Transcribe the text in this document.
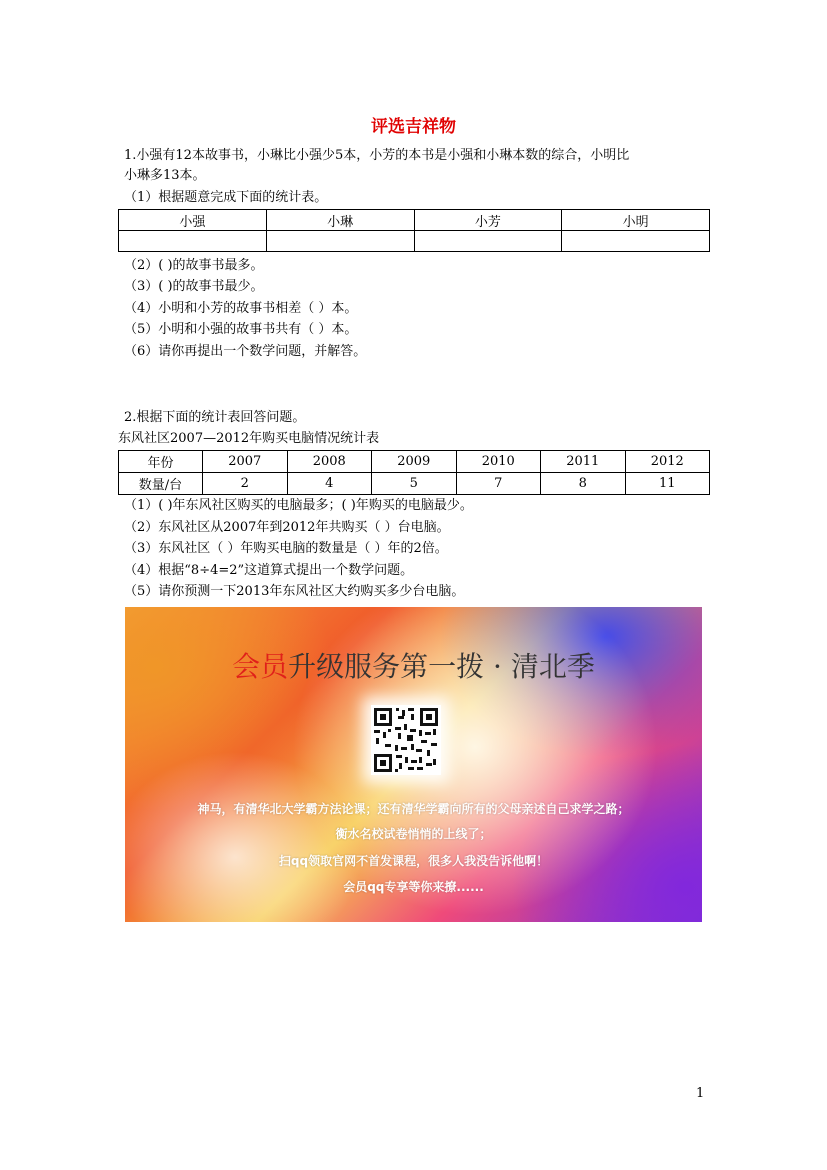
评选吉祥物
1.小强有12本故事书，小琳比小强少5本，小芳的本书是小强和小琳本数的综合，小明比
小琳多13本。
（1）根据题意完成下面的统计表。
小强	小琳	小芳	小明

（2）( )的故事书最多。
（3）( )的故事书最少。
（4）小明和小芳的故事书相差（ ）本。
（5）小明和小强的故事书共有（ ）本。
（6）请你再提出一个数学问题，并解答。
2.根据下面的统计表回答问题。
东风社区2007—2012年购买电脑情况统计表
年份	2007	2008	2009	2010	2011	2012
数量/台	2	4	5	7	8	11
（1）( )年东风社区购买的电脑最多；( )年购买的电脑最少。
（2）东风社区从2007年到2012年共购买（ ）台电脑。
（3）东风社区（ ）年购买电脑的数量是（ ）年的2倍。
（4）根据“8÷4=2”这道算式提出一个数学问题。
（5）请你预测一下2013年东风社区大约购买多少台电脑。
会员升级服务第一拨 · 清北季
神马，有清华北大学霸方法论课；还有清华学霸向所有的父母亲述自己求学之路；
衡水名校试卷悄悄的上线了；
扫qq领取官网不首发课程，很多人我没告诉他啊！
会员qq专享等你来撩......
1
